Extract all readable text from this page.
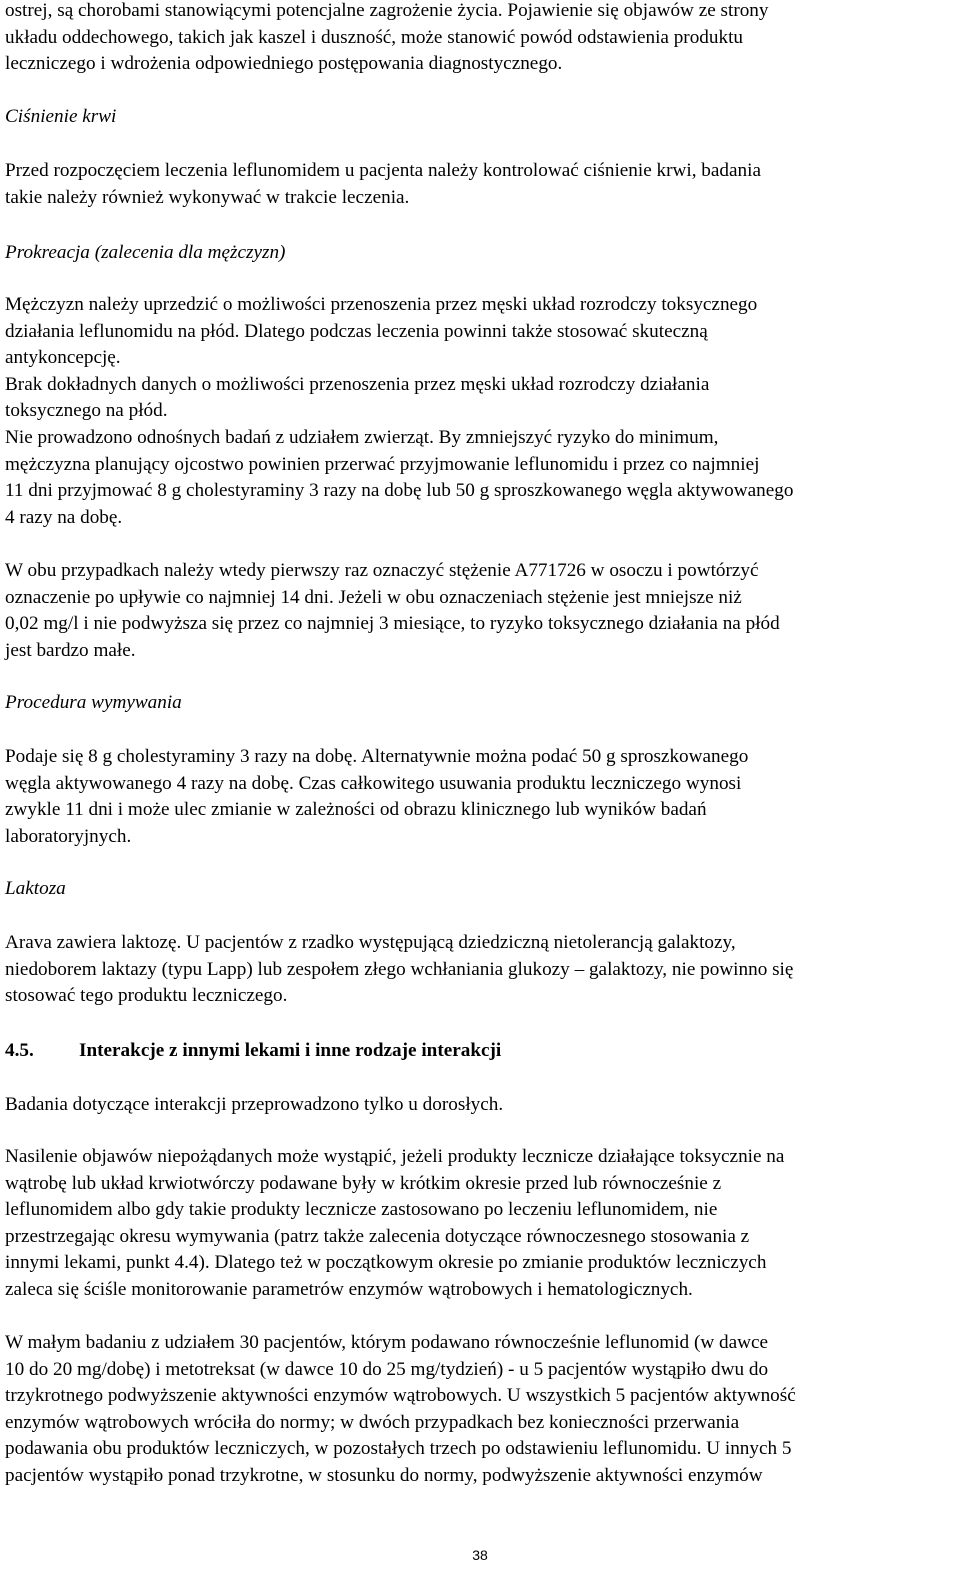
ostrej, są chorobami stanowiącymi potencjalne zagrożenie życia. Pojawienie się objawów ze strony
układu oddechowego, takich jak kaszel i duszność, może stanowić powód odstawienia produktu
leczniczego i wdrożenia odpowiedniego postępowania diagnostycznego.
Ciśnienie krwi
Przed rozpoczęciem leczenia leflunomidem u pacjenta należy kontrolować ciśnienie krwi, badania
takie należy również wykonywać w trakcie leczenia.
Prokreacja (zalecenia dla mężczyzn)
Mężczyzn należy uprzedzić o możliwości przenoszenia przez męski układ rozrodczy toksycznego
działania leflunomidu na płód. Dlatego podczas leczenia powinni także stosować skuteczną
antykoncepcję.
Brak dokładnych danych o możliwości przenoszenia przez męski układ rozrodczy działania
toksycznego na płód.
Nie prowadzono odnośnych badań z udziałem zwierząt. By zmniejszyć ryzyko do minimum,
mężczyzna planujący ojcostwo powinien przerwać przyjmowanie leflunomidu i przez co najmniej
11 dni przyjmować 8 g cholestyraminy 3 razy na dobę lub 50 g sproszkowanego węgla aktywowanego
4 razy na dobę.
W obu przypadkach należy wtedy pierwszy raz oznaczyć stężenie A771726 w osoczu i powtórzyć
oznaczenie po upływie co najmniej 14 dni. Jeżeli w obu oznaczeniach stężenie jest mniejsze niż
0,02 mg/l i nie podwyższa się przez co najmniej 3 miesiące, to ryzyko toksycznego działania na płód
jest bardzo małe.
Procedura wymywania
Podaje się 8 g cholestyraminy 3 razy na dobę. Alternatywnie można podać 50 g sproszkowanego
węgla aktywowanego 4 razy na dobę. Czas całkowitego usuwania produktu leczniczego wynosi
zwykle 11 dni i może ulec zmianie w zależności od obrazu klinicznego lub wyników badań
laboratoryjnych.
Laktoza
Arava zawiera laktozę. U pacjentów z rzadko występującą dziedziczną nietolerancją galaktozy,
niedoborem laktazy (typu Lapp) lub zespołem złego wchłaniania glukozy – galaktozy, nie powinno się
stosować tego produktu leczniczego.
4.5. Interakcje z innymi lekami i inne rodzaje interakcji
Badania dotyczące interakcji przeprowadzono tylko u dorosłych.
Nasilenie objawów niepożądanych może wystąpić, jeżeli produkty lecznicze działające toksycznie na
wątrobę lub układ krwiotwórczy podawane były w krótkim okresie przed lub równocześnie z
leflunomidem albo gdy takie produkty lecznicze zastosowano po leczeniu leflunomidem, nie
przestrzegając okresu wymywania (patrz także zalecenia dotyczące równoczesnego stosowania z
innymi lekami, punkt 4.4). Dlatego też w początkowym okresie po zmianie produktów leczniczych
zaleca się ściśle monitorowanie parametrów enzymów wątrobowych i hematologicznych.
W małym badaniu z udziałem 30 pacjentów, którym podawano równocześnie leflunomid (w dawce
10 do 20 mg/dobę) i metotreksat (w dawce 10 do 25 mg/tydzień) - u 5 pacjentów wystąpiło dwu do
trzykrotnego podwyższenie aktywności enzymów wątrobowych. U wszystkich 5 pacjentów aktywność
enzymów wątrobowych wróciła do normy; w dwóch przypadkach bez konieczności przerwania
podawania obu produktów leczniczych, w pozostałych trzech po odstawieniu leflunomidu. U innych 5
pacjentów wystąpiło ponad trzykrotne, w stosunku do normy, podwyższenie aktywności enzymów
38
